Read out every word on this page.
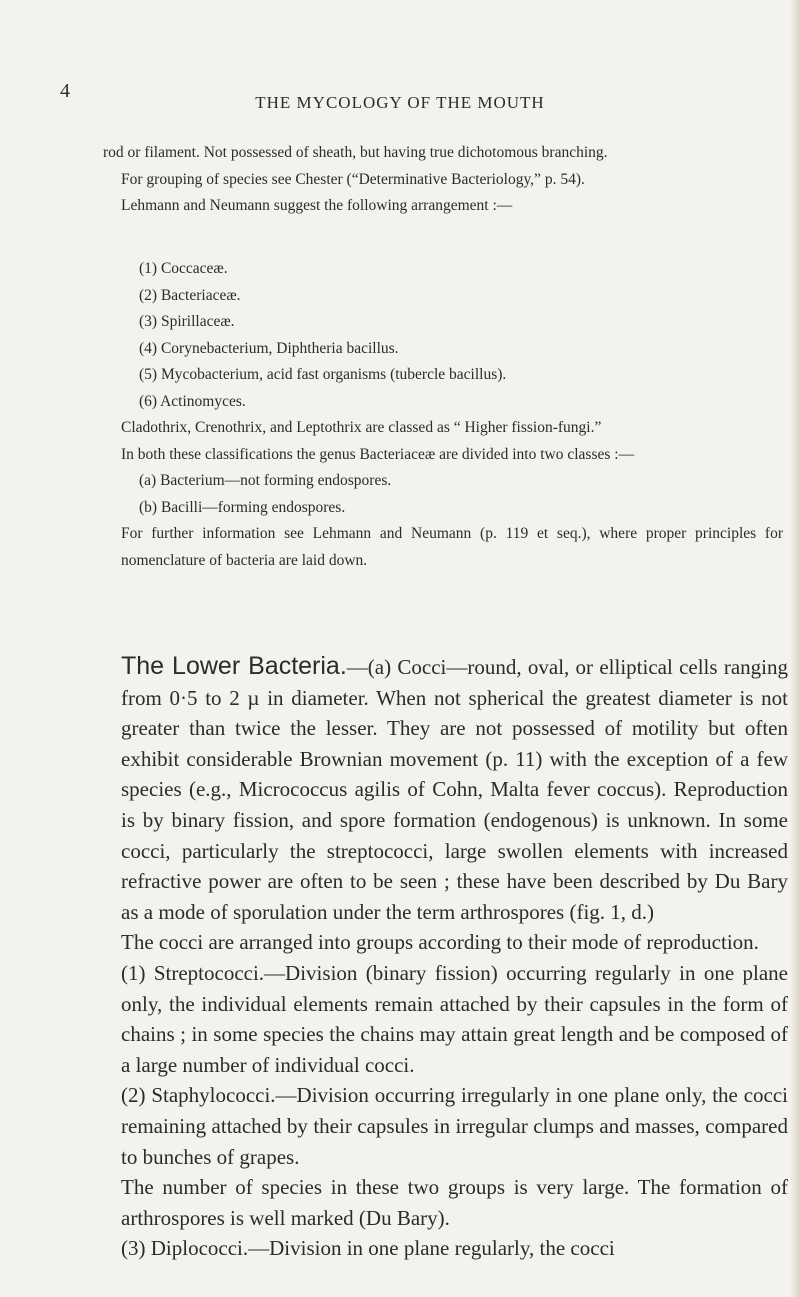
4
THE MYCOLOGY OF THE MOUTH

rod or filament. Not possessed of sheath, but having true dichotomous branching.

For grouping of species see Chester (“Determinative Bacteriology,” p. 54).

Lehmann and Neumann suggest the following arrangement :—

(1) Coccaceæ.

(2) Bacteriaceæ.

(3) Spirillaceæ.

(4) Corynebacterium, Diphtheria bacillus.

(5) Mycobacterium, acid fast organisms (tubercle bacillus).

(6) Actinomyces.

Cladothrix, Crenothrix, and Leptothrix are classed as “ Higher fission-fungi.”

In both these classifications the genus Bacteriaceæ are divided into two classes :—

(a) Bacterium—not forming endospores.

(b) Bacilli—forming endospores.

For further information see Lehmann and Neumann (p. 119 et seq.), where proper principles for nomenclature of bacteria are laid down.

The Lower Bacteria.—(a) Cocci—round, oval, or elliptical cells ranging from 0·5 to 2 µ in diameter. When not spherical the greatest diameter is not greater than twice the lesser. They are not possessed of motility but often exhibit considerable Brownian movement (p. 11) with the exception of a few species (e.g., Micrococcus agilis of Cohn, Malta fever coccus). Reproduction is by binary fission, and spore formation (endogenous) is unknown. In some cocci, particularly the streptococci, large swollen elements with increased refractive power are often to be seen ; these have been described by Du Bary as a mode of sporulation under the term arthrospores (fig. 1, d.)

The cocci are arranged into groups according to their mode of reproduction.

(1) Streptococci.—Division (binary fission) occurring regularly in one plane only, the individual elements remain attached by their capsules in the form of chains ; in some species the chains may attain great length and be composed of a large number of individual cocci.

(2) Staphylococci.—Division occurring irregularly in one plane only, the cocci remaining attached by their capsules in irregular clumps and masses, compared to bunches of grapes.

The number of species in these two groups is very large. The formation of arthrospores is well marked (Du Bary).

(3) Diplococci.—Division in one plane regularly, the cocci
